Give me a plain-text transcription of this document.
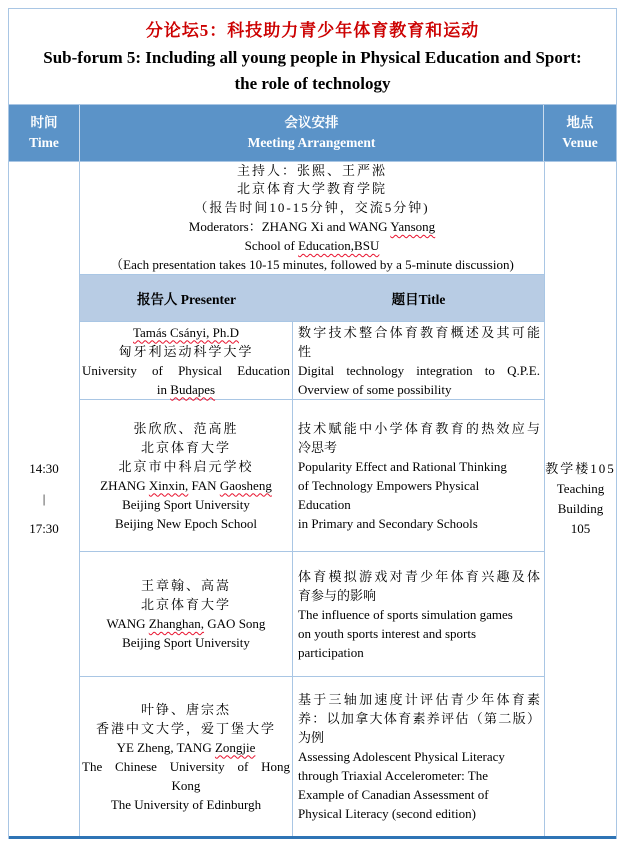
分论坛5：科技助力青少年体育教育和运动
Sub-forum 5: Including all young people in Physical Education and Sport:
the role of technology
时间
Time
会议安排
Meeting Arrangement
地点
Venue
14:30
|
17:30
主持人：张熙、王严淞
北京体育大学教育学院
（报告时间10-15分钟，交流5分钟)
Moderators：ZHANG Xi and WANG Yansong
School of Education,BSU
（Each presentation takes 10-15 minutes, followed by a 5-minute discussion)
报告人 Presenter	题目Title
Tamás Csányi, Ph.D
匈牙利运动科学大学
University of Physical Education
in Budapes
数字技术整合体育教育概述及其可能
性
Digital technology integration to Q.P.E.
Overview of some possibility
张欣欣、范高胜
北京体育大学
北京市中科启元学校
ZHANG Xinxin, FAN Gaosheng
Beijing Sport University
Beijing New Epoch School
技术赋能中小学体育教育的热效应与
冷思考
Popularity Effect and Rational Thinking
of Technology Empowers Physical
Education
in Primary and Secondary Schools
王章翰、高嵩
北京体育大学
WANG Zhanghan, GAO Song
Beijing Sport University
体育模拟游戏对青少年体育兴趣及体
育参与的影响
The influence of sports simulation games
on youth sports interest and sports
participation
叶铮、唐宗杰
香港中文大学，爱丁堡大学
YE Zheng, TANG Zongjie
The Chinese University of Hong
Kong
The University of Edinburgh
基于三轴加速度计评估青少年体育素
养：以加拿大体育素养评估（第二版）
为例
Assessing Adolescent Physical Literacy
through Triaxial Accelerometer: The
Example of Canadian Assessment of
Physical Literacy (second edition)
教学楼105
Teaching
Building
105
